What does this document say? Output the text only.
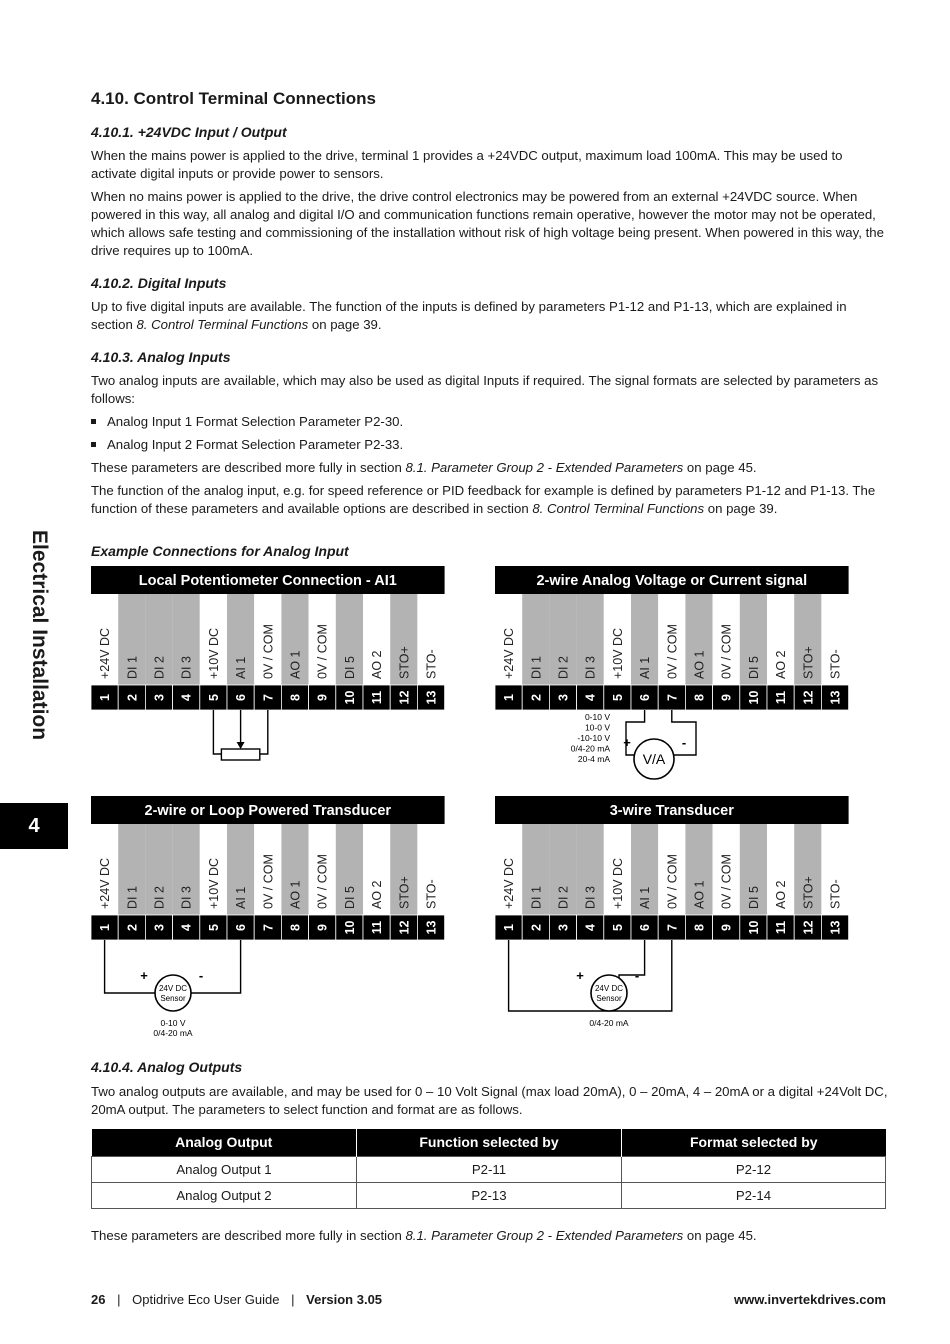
4.10. Control Terminal Connections
4.10.1. +24VDC Input / Output
When the mains power is applied to the drive, terminal 1 provides a +24VDC output, maximum load 100mA. This may be used to activate digital inputs or provide power to sensors.
When no mains power is applied to the drive, the drive control electronics may be powered from an external +24VDC source. When powered in this way, all analog and digital I/O and communication functions remain operative, however the motor may not be operated, which allows safe testing and commissioning of the installation without risk of high voltage being present. When powered in this way, the drive requires up to 100mA.
4.10.2. Digital Inputs
Up to five digital inputs are available. The function of the inputs is defined by parameters P1-12 and P1-13, which are explained in section 8. Control Terminal Functions on page 39.
4.10.3. Analog Inputs
Two analog inputs are available, which may also be used as digital Inputs if required. The signal formats are selected by parameters as follows:
Analog Input 1 Format Selection Parameter P2-30.
Analog Input 2 Format Selection Parameter P2-33.
These parameters are described more fully in section 8.1. Parameter Group 2 - Extended Parameters on page 45.
The function of the analog input, e.g. for speed reference or PID feedback for example is defined by parameters P1-12 and P1-13. The function of these parameters and available options are described in section 8. Control Terminal Functions on page 39.
Example Connections for Analog Input
Local Potentiometer Connection - AI1
+24V DC
1
DI 1
2
DI 2
3
DI 3
4
+10V DC
5
AI 1
6
0V / COM
7
AO 1
8
0V / COM
9
DI 5
10
AO 2
11
STO+
12
STO-
13
2-wire Analog Voltage or Current signal
+24V DC
1
DI 1
2
DI 2
3
DI 3
4
+10V DC
5
AI 1
6
0V / COM
7
AO 1
8
0V / COM
9
DI 5
10
AO 2
11
STO+
12
STO-
13
V/A
+	-
0-10 V
10-0 V
-10-10 V
0/4-20 mA
20-4 mA
2-wire or Loop Powered Transducer
+24V DC
1
DI 1
2
DI 2
3
DI 3
4
+10V DC
5
AI 1
6
0V / COM
7
AO 1
8
0V / COM
9
DI 5
10
AO 2
11
STO+
12
STO-
13
24V DC
Sensor
+	-
0-10 V
0/4-20 mA
3-wire Transducer
+24V DC
1
DI 1
2
DI 2
3
DI 3
4
+10V DC
5
AI 1
6
0V / COM
7
AO 1
8
0V / COM
9
DI 5
10
AO 2
11
STO+
12
STO-
13
24V DC
Sensor
+	-
0/4-20 mA
4.10.4. Analog Outputs
Two analog outputs are available, and may be used for 0 – 10 Volt Signal (max load 20mA), 0 – 20mA, 4 – 20mA or a digital +24Volt DC, 20mA output. The parameters to select function and format are as follows.
Analog Output	Function selected by	Format selected by
Analog Output 1	P2-11	P2-12
Analog Output 2	P2-13	P2-14
These parameters are described more fully in section 8.1. Parameter Group 2 - Extended Parameters on page 45.
Electrical Installation
4
26 | Optidrive Eco User Guide | Version 3.05	www.invertekdrives.com
